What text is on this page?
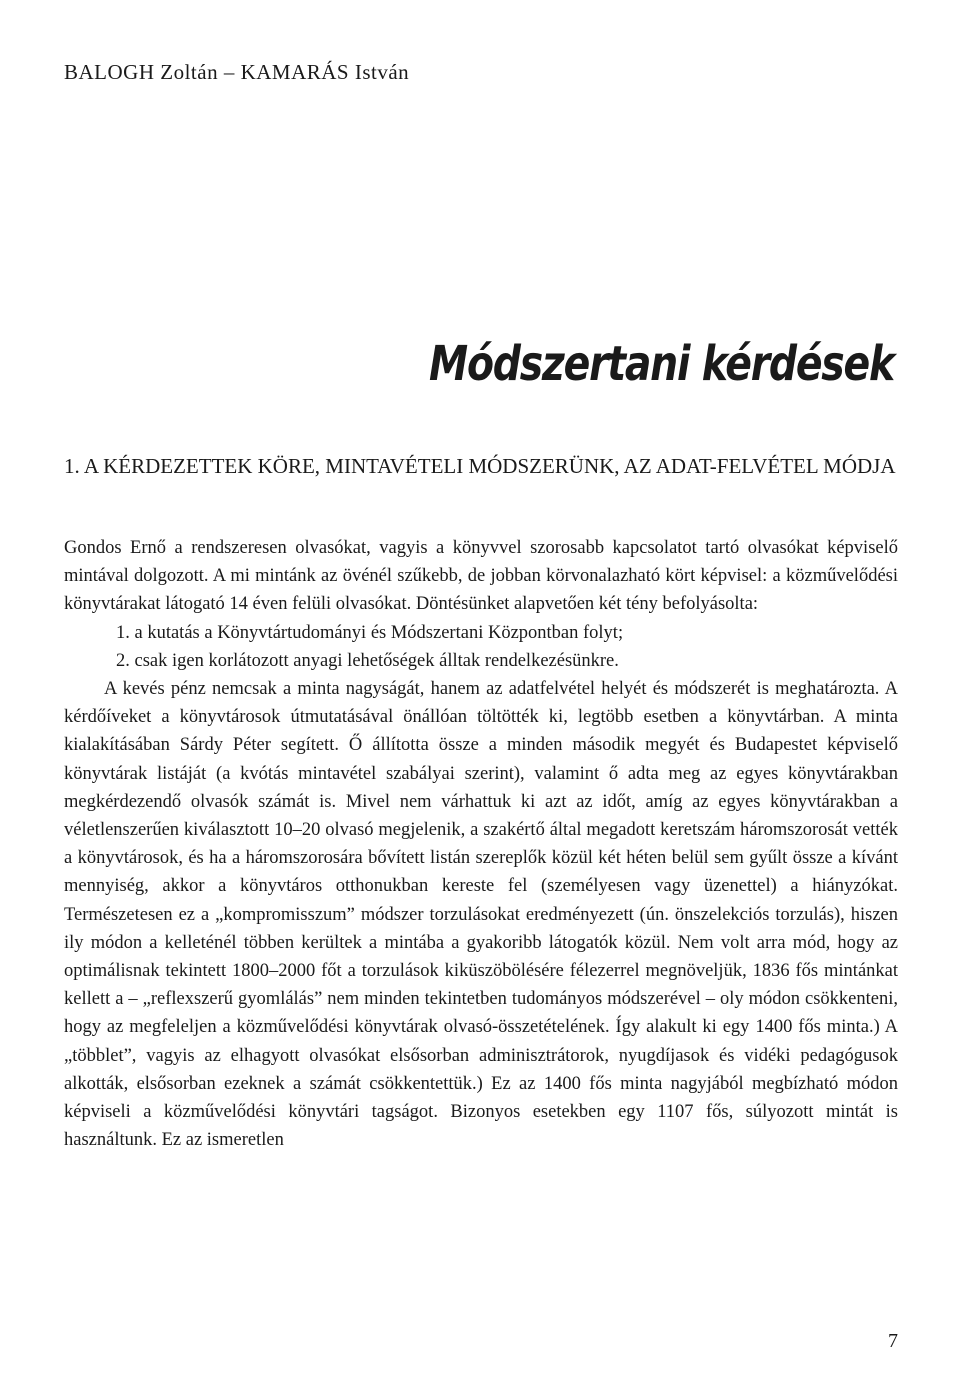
BALOGH Zoltán – KAMARÁS István
Módszertani kérdések
1. A KÉRDEZETTEK KÖRE, MINTAVÉTELI MÓDSZERÜNK, AZ ADAT-FELVÉTEL MÓDJA

Gondos Ernő a rendszeresen olvasókat, vagyis a könyvvel szorosabb kapcsolatot tartó olvasókat képviselő mintával dolgozott. A mi mintánk az övénél szűkebb, de jobban körvonalazható kört képvisel: a közművelődési könyvtárakat látogató 14 éven felüli olvasókat. Döntésünket alapvetően két tény befolyásolta:

1. a kutatás a Könyvtártudományi és Módszertani Központban folyt;

2. csak igen korlátozott anyagi lehetőségek álltak rendelkezésünkre.

A kevés pénz nemcsak a minta nagyságát, hanem az adatfelvétel helyét és módszerét is meghatározta. A kérdőíveket a könyvtárosok útmutatásával önállóan töltötték ki, legtöbb esetben a könyvtárban. A minta kialakításában Sárdy Péter segített. Ő állította össze a minden második megyét és Budapestet képviselő könyvtárak listáját (a kvótás mintavétel szabályai szerint), valamint ő adta meg az egyes könyvtárakban megkérdezendő olvasók számát is. Mivel nem várhattuk ki azt az időt, amíg az egyes könyvtárakban a véletlenszerűen kiválasztott 10–20 olvasó megjelenik, a szakértő által megadott keretszám háromszorosát vették a könyvtárosok, és ha a háromszorosára bővített listán szereplők közül két héten belül sem gyűlt össze a kívánt mennyiség, akkor a könyvtáros otthonukban kereste fel (személyesen vagy üzenettel) a hiányzókat. Természetesen ez a „kompromisszum” módszer torzulásokat eredményezett (ún. önszelekciós torzulás), hiszen ily módon a kelleténél többen kerültek a mintába a gyakoribb látogatók közül. Nem volt arra mód, hogy az optimálisnak tekintett 1800–2000 főt a torzulások kiküszöbölésére félezerrel megnöveljük, 1836 fős mintánkat kellett a – „reflexszerű gyomlálás” nem minden tekintetben tudományos módszerével – oly módon csökkenteni, hogy az megfeleljen a közművelődési könyvtárak olvasó-összetételének. Így alakult ki egy 1400 fős minta.) A „többlet”, vagyis az elhagyott olvasókat elsősorban adminisztrátorok, nyugdíjasok és vidéki pedagógusok alkották, elsősorban ezeknek a számát csökkentettük.) Ez az 1400 fős minta nagyjából megbízható módon képviseli a közművelődési könyvtári tagságot. Bizonyos esetekben egy 1107 fős, súlyozott mintát is használtunk. Ez az ismeretlen

7
